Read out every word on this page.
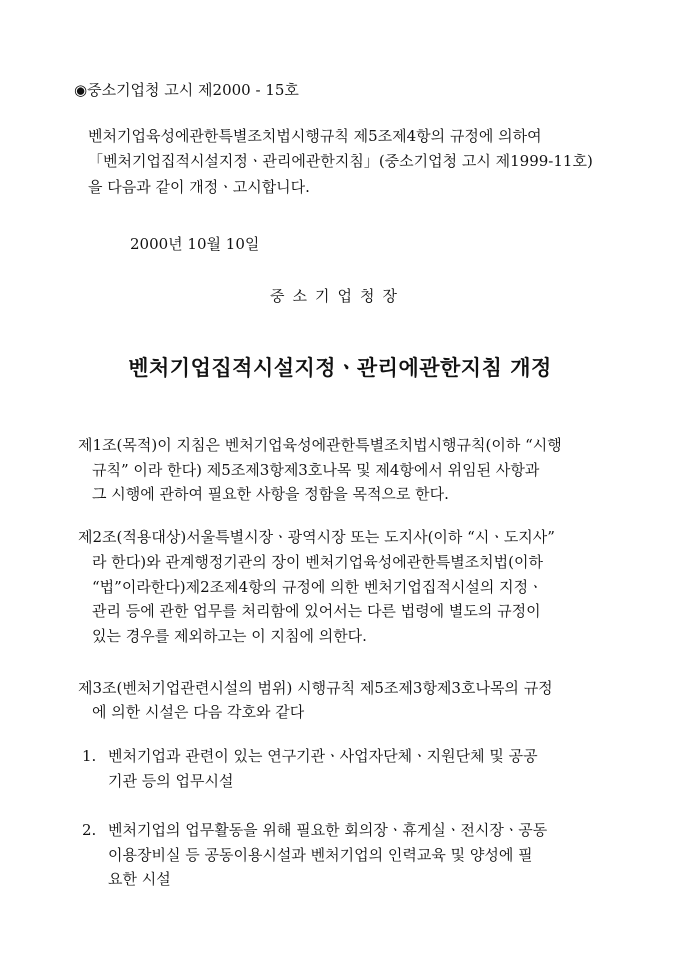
◉중소기업청 고시 제2000 - 15호
벤처기업육성에관한특별조치법시행규칙 제5조제4항의 규정에 의하여
「벤처기업집적시설지정ㆍ관리에관한지침」(중소기업청 고시 제1999-11호)
을 다음과 같이 개정ㆍ고시합니다.
2000년 10월 10일
중소기업청장
벤처기업집적시설지정ㆍ관리에관한지침 개정
제1조(목적)이 지침은 벤처기업육성에관한특별조치법시행규칙(이하 “시행
규칙” 이라 한다) 제5조제3항제3호나목 및 제4항에서 위임된 사항과
그 시행에 관하여 필요한 사항을 정함을 목적으로 한다.
제2조(적용대상)서울특별시장ㆍ광역시장 또는 도지사(이하 “시ㆍ도지사”
라 한다)와 관계행정기관의 장이 벤처기업육성에관한특별조치법(이하
“법”이라한다)제2조제4항의 규정에 의한 벤처기업집적시설의 지정ㆍ
관리 등에 관한 업무를 처리함에 있어서는 다른 법령에 별도의 규정이
있는 경우를 제외하고는 이 지침에 의한다.
제3조(벤처기업관련시설의 범위) 시행규칙 제5조제3항제3호나목의 규정
에 의한 시설은 다음 각호와 같다
1. 벤처기업과 관련이 있는 연구기관ㆍ사업자단체ㆍ지원단체 및 공공
기관 등의 업무시설
2. 벤처기업의 업무활동을 위해 필요한 회의장ㆍ휴게실ㆍ전시장ㆍ공동
이용장비실 등 공동이용시설과 벤처기업의 인력교육 및 양성에 필
요한 시설
